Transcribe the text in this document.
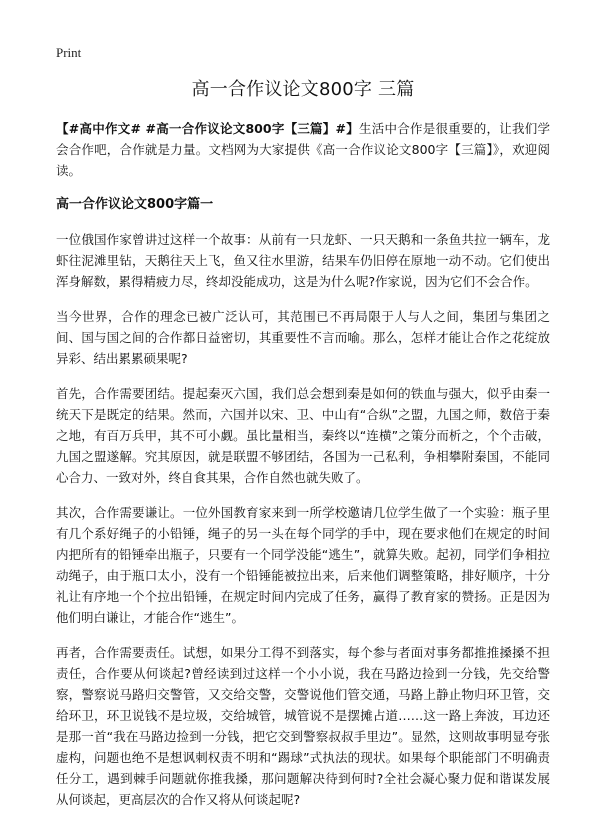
Print
高一合作议论文800字 三篇

【#高中作文# #高一合作议论文800字【三篇】#】生活中合作是很重要的，让我们学会合作吧，合作就是力量。文档网为大家提供《高一合作议论文800字【三篇】》，欢迎阅读。

高一合作议论文800字篇一

一位俄国作家曾讲过这样一个故事：从前有一只龙虾、一只天鹅和一条鱼共拉一辆车，龙虾往泥滩里钻，天鹅往天上飞，鱼又往水里游，结果车仍旧停在原地一动不动。它们使出浑身解数，累得精疲力尽，终却没能成功，这是为什么呢?作家说，因为它们不会合作。

当今世界，合作的理念已被广泛认可，其范围已不再局限于人与人之间，集团与集团之间、国与国之间的合作都日益密切，其重要性不言而喻。那么，怎样才能让合作之花绽放异彩、结出累累硕果呢?

首先，合作需要团结。提起秦灭六国，我们总会想到秦是如何的铁血与强大，似乎由秦一统天下是既定的结果。然而，六国并以宋、卫、中山有“合纵”之盟，九国之师，数倍于秦之地，有百万兵甲，其不可小觑。虽比量相当，秦终以“连横”之策分而析之，个个击破，九国之盟遂解。究其原因，就是联盟不够团结，各国为一己私利，争相攀附秦国，不能同心合力、一致对外，终自食其果，合作自然也就失败了。

其次，合作需要谦让。一位外国教育家来到一所学校邀请几位学生做了一个实验：瓶子里有几个系好绳子的小铅锤，绳子的另一头在每个同学的手中，现在要求他们在规定的时间内把所有的铅锤牵出瓶子，只要有一个同学没能“逃生”，就算失败。起初，同学们争相拉动绳子，由于瓶口太小，没有一个铅锤能被拉出来，后来他们调整策略，排好顺序，十分礼让有序地一个个拉出铅锤，在规定时间内完成了任务，赢得了教育家的赞扬。正是因为他们明白谦让，才能合作“逃生”。

再者，合作需要责任。试想，如果分工得不到落实，每个参与者面对事务都推推搡搡不担责任，合作要从何谈起?曾经读到过这样一个小小说，我在马路边捡到一分钱，先交给警察，警察说马路归交警管，又交给交警，交警说他们管交通，马路上静止物归环卫管，交给环卫，环卫说钱不是垃圾，交给城管，城管说不是摆摊占道……这一路上奔波，耳边还是那一首“我在马路边捡到一分钱，把它交到警察叔叔手里边”。显然，这则故事明显夸张虚构，问题也绝不是想讽刺权责不明和“踢球”式执法的现状。如果每个职能部门不明确责任分工，遇到棘手问题就你推我搡，那问题解决待到何时?全社会凝心聚力促和谐谋发展从何谈起，更高层次的合作又将从何谈起呢?
